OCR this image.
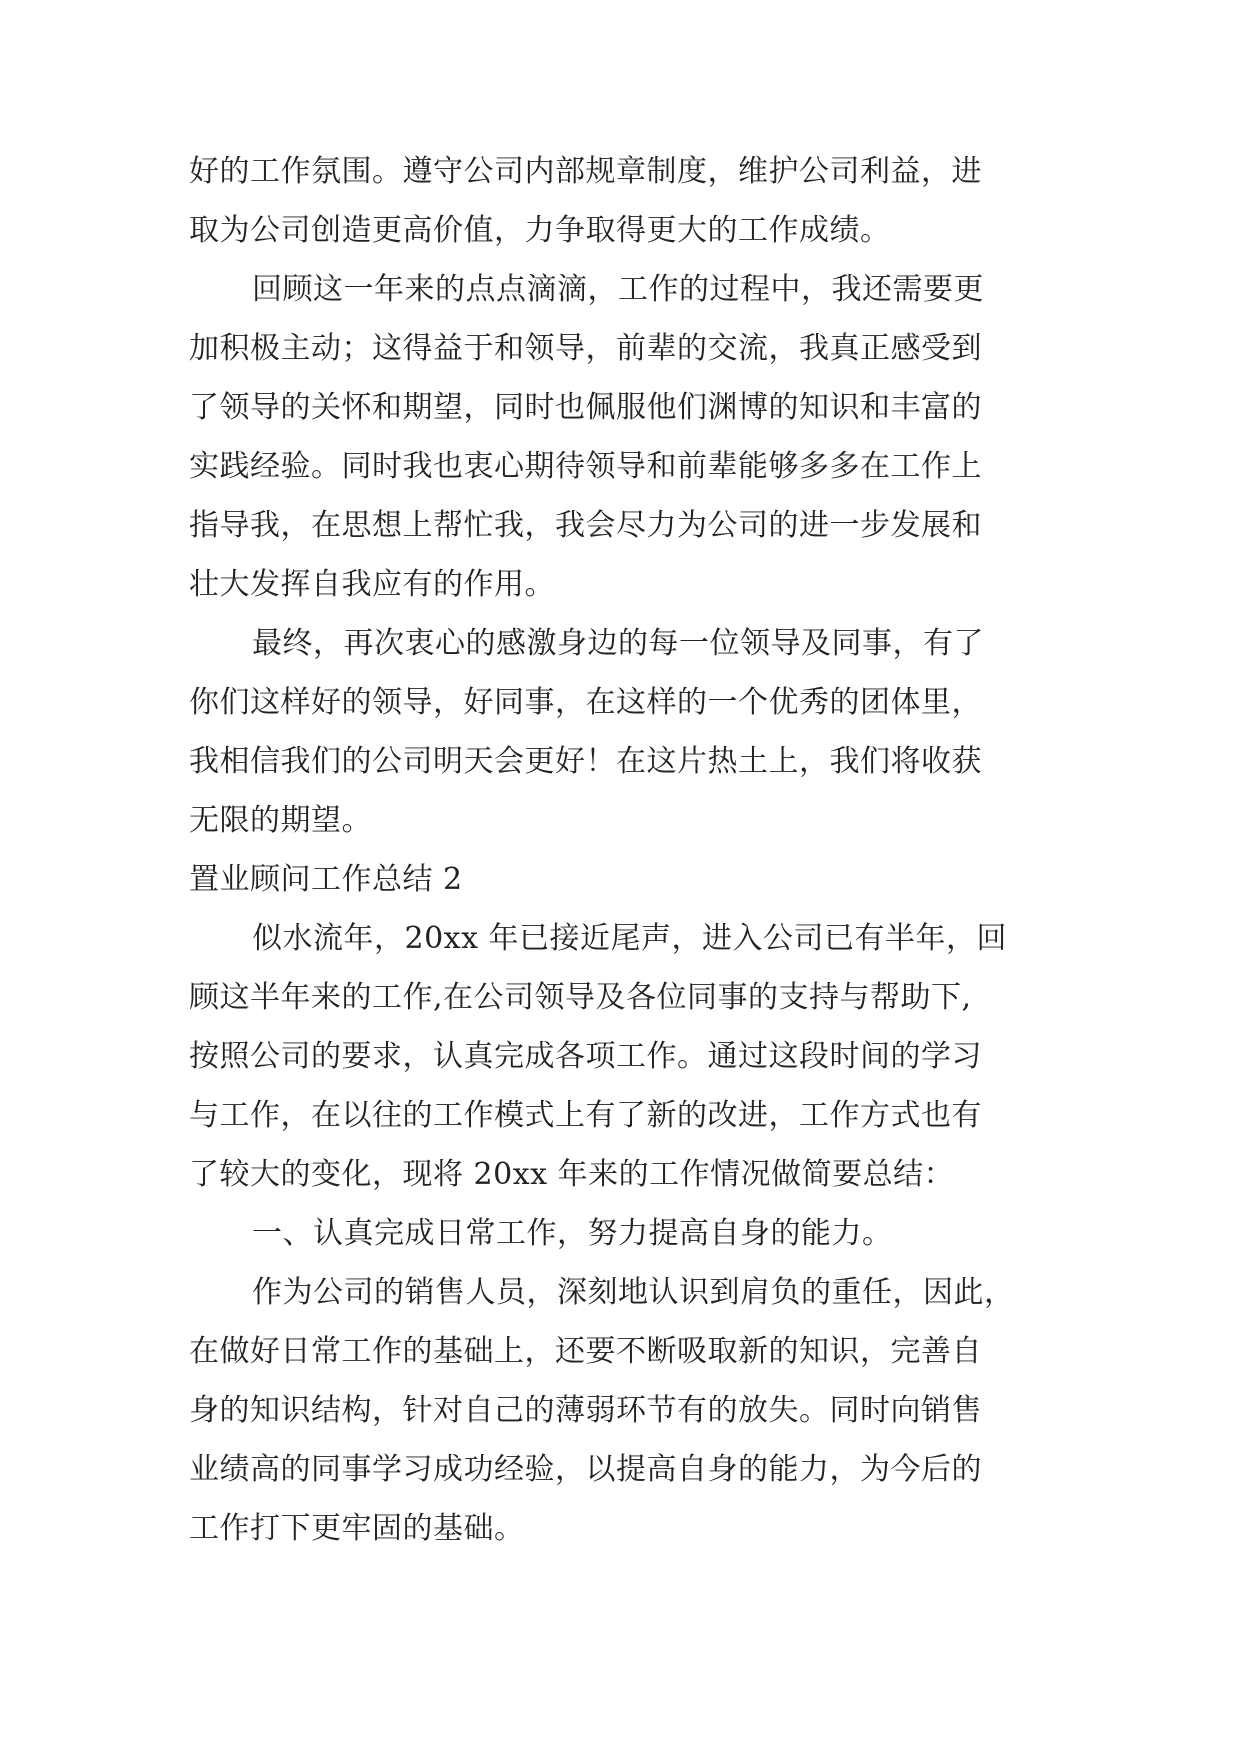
好的工作氛围。遵守公司内部规章制度，维护公司利益，进
取为公司创造更高价值，力争取得更大的工作成绩。
回顾这一年来的点点滴滴，工作的过程中，我还需要更
加积极主动；这得益于和领导，前辈的交流，我真正感受到
了领导的关怀和期望，同时也佩服他们渊博的知识和丰富的
实践经验。同时我也衷心期待领导和前辈能够多多在工作上
指导我，在思想上帮忙我，我会尽力为公司的进一步发展和
壮大发挥自我应有的作用。
最终，再次衷心的感激身边的每一位领导及同事，有了
你们这样好的领导，好同事，在这样的一个优秀的团体里，
我相信我们的公司明天会更好！在这片热土上，我们将收获
无限的期望。
置业顾问工作总结 2
似水流年，20xx 年已接近尾声，进入公司已有半年，回
顾这半年来的工作,在公司领导及各位同事的支持与帮助下,
按照公司的要求，认真完成各项工作。通过这段时间的学习
与工作，在以往的工作模式上有了新的改进，工作方式也有
了较大的变化，现将 20xx 年来的工作情况做简要总结：
一、认真完成日常工作，努力提高自身的能力。
作为公司的销售人员，深刻地认识到肩负的重任，因此，
在做好日常工作的基础上，还要不断吸取新的知识，完善自
身的知识结构，针对自己的薄弱环节有的放失。同时向销售
业绩高的同事学习成功经验，以提高自身的能力，为今后的
工作打下更牢固的基础。
